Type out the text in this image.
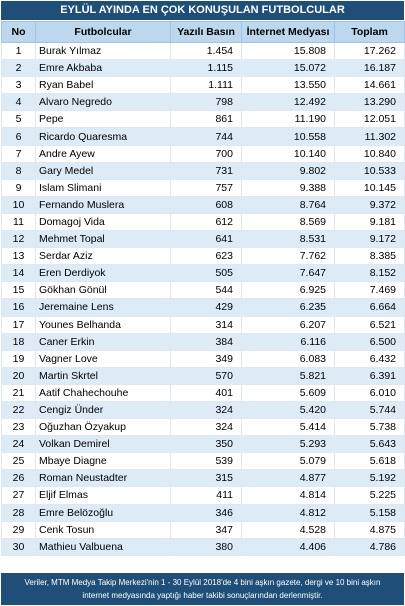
EYLÜL AYINDA EN ÇOK KONUŞULAN FUTBOLCULAR
No	Futbolcular	Yazılı Basın	İnternet Medyası	Toplam
1	Burak Yılmaz	1.454	15.808	17.262
2	Emre Akbaba	1.115	15.072	16.187
3	Ryan Babel	1.111	13.550	14.661
4	Alvaro Negredo	798	12.492	13.290
5	Pepe	861	11.190	12.051
6	Ricardo Quaresma	744	10.558	11.302
7	Andre Ayew	700	10.140	10.840
8	Gary Medel	731	9.802	10.533
9	Islam Slimani	757	9.388	10.145
10	Fernando Muslera	608	8.764	9.372
11	Domagoj Vida	612	8.569	9.181
12	Mehmet Topal	641	8.531	9.172
13	Serdar Aziz	623	7.762	8.385
14	Eren Derdiyok	505	7.647	8.152
15	Gökhan Gönül	544	6.925	7.469
16	Jeremaine Lens	429	6.235	6.664
17	Younes Belhanda	314	6.207	6.521
18	Caner Erkin	384	6.116	6.500
19	Vagner Love	349	6.083	6.432
20	Martin Skrtel	570	5.821	6.391
21	Aatif Chahechouhe	401	5.609	6.010
22	Cengiz Ünder	324	5.420	5.744
23	Oğuzhan Özyakup	324	5.414	5.738
24	Volkan Demirel	350	5.293	5.643
25	Mbaye Diagne	539	5.079	5.618
26	Roman Neustadter	315	4.877	5.192
27	Eljif Elmas	411	4.814	5.225
28	Emre Belözoğlu	346	4.812	5.158
29	Cenk Tosun	347	4.528	4.875
30	Mathieu Valbuena	380	4.406	4.786
Veriler, MTM Medya Takip Merkezi'nin 1 - 30 Eylül 2018'de 4 bini aşkın gazete, dergi ve 10 bini aşkın
internet medyasında yaptığı haber takibi sonuçlarından derlenmiştir.
